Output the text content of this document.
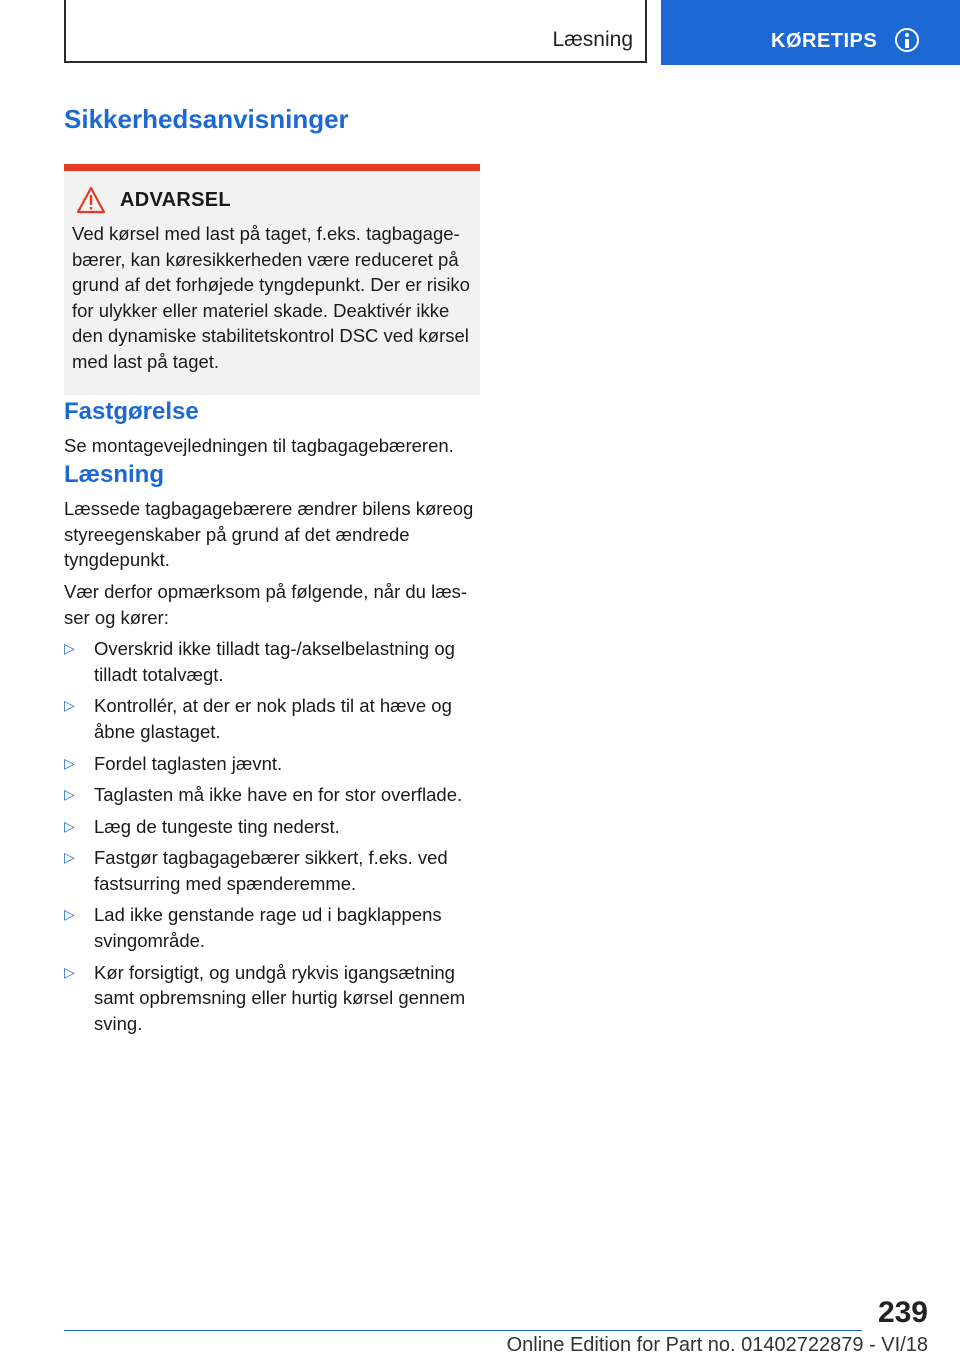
Læsning	KØRETIPS
Sikkerhedsanvisninger
ADVARSEL

Ved kørsel med last på taget, f.eks. tagbagagebærer, kan køresikkerheden være reduceret på grund af det forhøjede tyngdepunkt. Der er risiko for ulykker eller materiel skade. Deaktivér ikke den dynamiske stabilitetskontrol DSC ved kørsel med last på taget.

Fastgørelse

Se montagevejledningen til tagbagagebæreren.

Læsning

Læssede tagbagagebærere ændrer bilens køreog styreegenskaber på grund af det ændrede tyngdepunkt.

Vær derfor opmærksom på følgende, når du læsser og kører:

▷	Overskrid ikke tilladt tag-/akselbelastning og tilladt totalvægt.
▷	Kontrollér, at der er nok plads til at hæve og åbne glastaget.
▷	Fordel taglasten jævnt.
▷	Taglasten må ikke have en for stor overflade.
▷	Læg de tungeste ting nederst.
▷	Fastgør tagbagagebærer sikkert, f.eks. ved fastsurring med spænderemme.
▷	Lad ikke genstande rage ud i bagklappens svingområde.
▷	Kør forsigtigt, og undgå rykvis igangsætning samt opbremsning eller hurtig kørsel gennem sving.
239
Online Edition for Part no. 01402722879 - VI/18
